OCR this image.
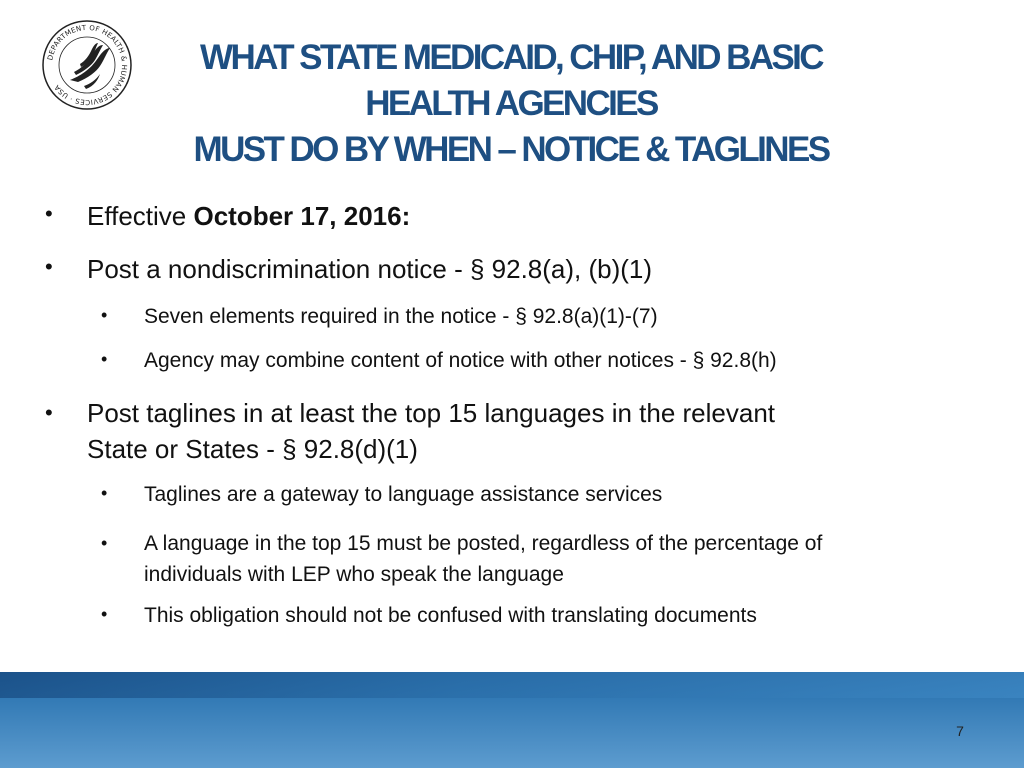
DEPARTMENT OF HEALTH & HUMAN SERVICES · USA
WHAT STATE MEDICAID, CHIP, AND BASIC
HEALTH AGENCIES
MUST DO BY WHEN – NOTICE & TAGLINES
• Effective October 17, 2016:
• Post a nondiscrimination notice - § 92.8(a), (b)(1)
• Seven elements required in the notice - § 92.8(a)(1)-(7)
• Agency may combine content of notice with other notices - § 92.8(h)
• Post taglines in at least the top 15 languages in the relevant
State or States - § 92.8(d)(1)
• Taglines are a gateway to language assistance services
• A language in the top 15 must be posted, regardless of the percentage of
individuals with LEP who speak the language
• This obligation should not be confused with translating documents
7
